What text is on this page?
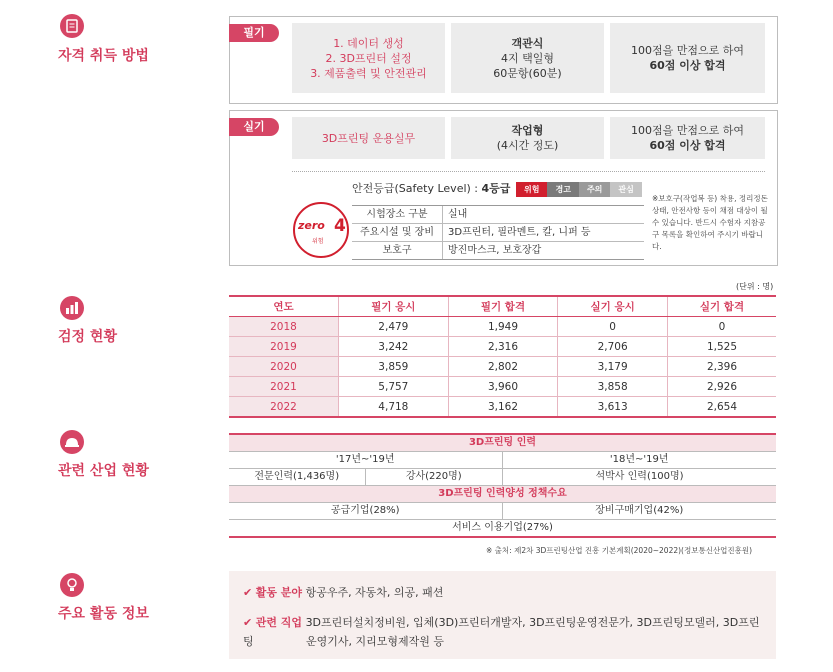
자격 취득 방법
검정 현황
관련 산업 현황
주요 활동 정보
필기
1. 데이터 생성
2. 3D프린터 설정
3. 제품출력 및 안전관리
객관식
4지 택일형
60문항(60분)
100점을 만점으로 하여
60점 이상 합격
실기
3D프린팅 운용실무
작업형
(4시간 정도)
100점을 만점으로 하여
60점 이상 합격
안전등급(Safety Level) : 4등급	위험	경고	주의	관심
zero 4
위험
시험장소 구분	실내
주요시설 및 장비	3D프린터, 필라멘트, 칼, 니퍼 등
보호구	방진마스크, 보호장갑
※보호구(작업복 등) 착용, 정리정돈 상태, 안전사항 등이 채점 대상이 될 수 있습니다. 반드시 수험자 지참공구 목록을 확인하여 주시기 바랍니다.
(단위 : 명)
연도	필기 응시	필기 합격	실기 응시	실기 합격
2018	2,479	1,949	0	0
2019	3,242	2,316	2,706	1,525
2020	3,859	2,802	3,179	2,396
2021	5,757	3,960	3,858	2,926
2022	4,718	3,162	3,613	2,654
3D프린팅 인력
'17년~'19년	'18년~'19년
전문인력(1,436명)	강사(220명)	석박사 인력(100명)
3D프린팅 인력양성 정책수요
공급기업(28%)	장비구매기업(42%)
서비스 이용기업(27%)
※ 출처: 제2차 3D프린팅산업 진흥 기본계획(2020~2022)(정보통신산업진흥원)
✔ 활동 분야 항공우주, 자동차, 의공, 패션
✔ 관련 직업 3D프린터설치정비원, 입체(3D)프린터개발자, 3D프린팅운영전문가, 3D프린팅모델러, 3D프린팅	운영기사, 지리모형제작원 등
